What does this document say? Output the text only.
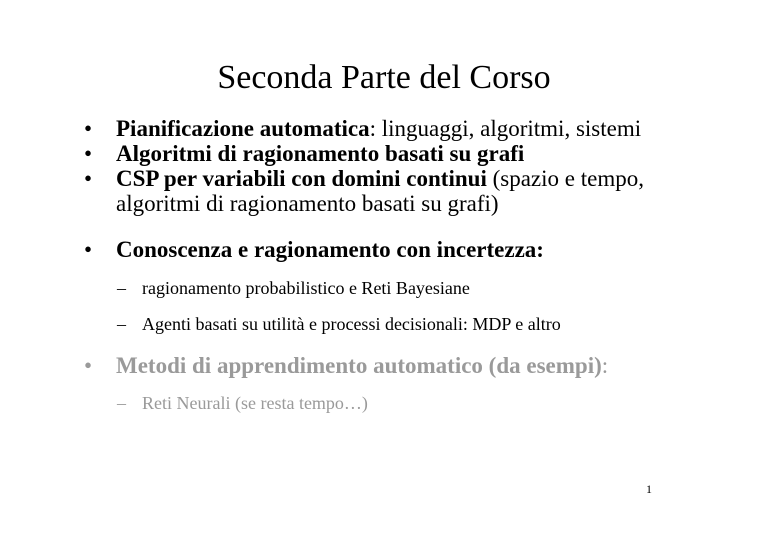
Seconda Parte del Corso
• Pianificazione automatica: linguaggi, algoritmi, sistemi
• Algoritmi di ragionamento basati su grafi
• CSP per variabili con domini continui (spazio e tempo, algoritmi di ragionamento basati su grafi)
• Conoscenza e ragionamento con incertezza:
– ragionamento probabilistico e Reti Bayesiane
– Agenti basati su utilità e processi decisionali: MDP e altro
• Metodi di apprendimento automatico (da esempi):
– Reti Neurali (se resta tempo…)
1
